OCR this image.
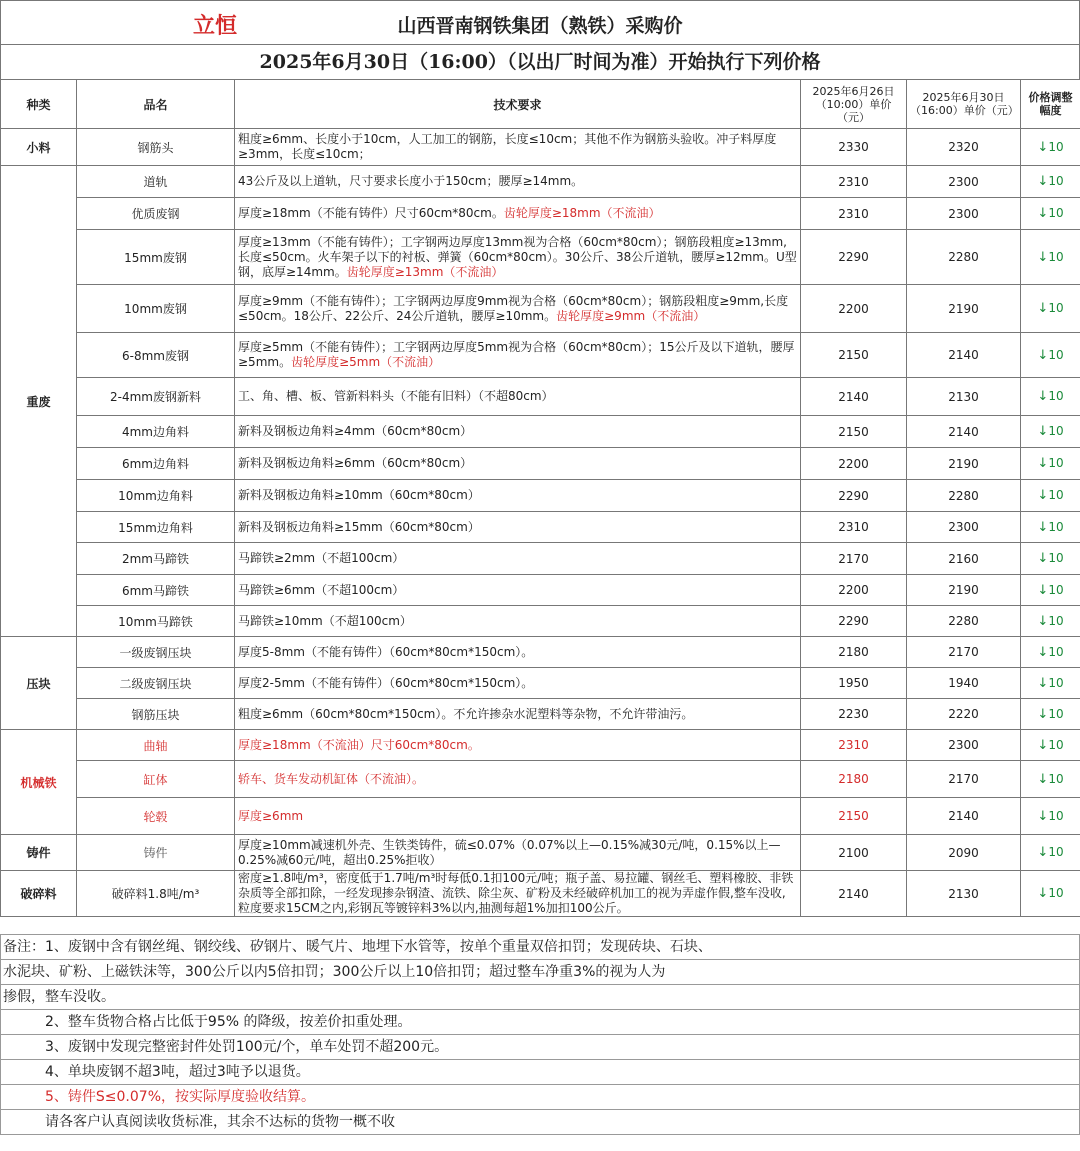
立恒	山西晋南钢铁集团（熟铁）采购价
2025年6月30日（16:00）（以出厂时间为准）开始执行下列价格
种类	品名	技术要求	2025年6月26日（10:00）单价（元）	2025年6月30日（16:00）单价（元）	价格调整幅度
小料	钢筋头	粗度≥6mm、长度小于10cm，人工加工的钢筋，长度≤10cm；其他不作为钢筋头验收。冲子料厚度≥3mm，长度≤10cm；	2330	2320	↓10
重废	道轨	43公斤及以上道轨，尺寸要求长度小于150cm；腰厚≥14mm。	2310	2300	↓10
	优质废钢	厚度≥18mm（不能有铸件）尺寸60cm*80cm。齿轮厚度≥18mm（不流油）	2310	2300	↓10
	15mm废钢	厚度≥13mm（不能有铸件）；工字钢两边厚度13mm视为合格（60cm*80cm）；钢筋段粗度≥13mm,长度≤50cm。火车架子以下的衬板、弹簧（60cm*80cm）。30公斤、38公斤道轨，腰厚≥12mm。U型钢，底厚≥14mm。齿轮厚度≥13mm（不流油）	2290	2280	↓10
	10mm废钢	厚度≥9mm（不能有铸件）；工字钢两边厚度9mm视为合格（60cm*80cm）；钢筋段粗度≥9mm,长度≤50cm。18公斤、22公斤、24公斤道轨，腰厚≥10mm。齿轮厚度≥9mm（不流油）	2200	2190	↓10
	6-8mm废钢	厚度≥5mm（不能有铸件）；工字钢两边厚度5mm视为合格（60cm*80cm）；15公斤及以下道轨，腰厚≥5mm。齿轮厚度≥5mm（不流油）	2150	2140	↓10
	2-4mm废钢新料	工、角、槽、板、管新料料头（不能有旧料）（不超80cm）	2140	2130	↓10
	4mm边角料	新料及钢板边角料≥4mm（60cm*80cm）	2150	2140	↓10
	6mm边角料	新料及钢板边角料≥6mm（60cm*80cm）	2200	2190	↓10
	10mm边角料	新料及钢板边角料≥10mm（60cm*80cm）	2290	2280	↓10
	15mm边角料	新料及钢板边角料≥15mm（60cm*80cm）	2310	2300	↓10
	2mm马蹄铁	马蹄铁≥2mm（不超100cm）	2170	2160	↓10
	6mm马蹄铁	马蹄铁≥6mm（不超100cm）	2200	2190	↓10
	10mm马蹄铁	马蹄铁≥10mm（不超100cm）	2290	2280	↓10
压块	一级废钢压块	厚度5-8mm（不能有铸件）（60cm*80cm*150cm）。	2180	2170	↓10
	二级废钢压块	厚度2-5mm（不能有铸件）（60cm*80cm*150cm）。	1950	1940	↓10
	钢筋压块	粗度≥6mm（60cm*80cm*150cm）。不允许掺杂水泥塑料等杂物，不允许带油污。	2230	2220	↓10
机械铁	曲轴	厚度≥18mm（不流油）尺寸60cm*80cm。	2310	2300	↓10
	缸体	轿车、货车发动机缸体（不流油）。	2180	2170	↓10
	轮毂	厚度≥6mm	2150	2140	↓10
铸件	铸件	厚度≥10mm减速机外壳、生铁类铸件，硫≤0.07%（0.07%以上—0.15%减30元/吨，0.15%以上—0.25%减60元/吨，超出0.25%拒收）	2100	2090	↓10
破碎料	破碎料1.8吨/m³	密度≥1.8吨/m³，密度低于1.7吨/m³时每低0.1扣100元/吨；瓶子盖、易拉罐、钢丝毛、塑料橡胶、非铁杂质等全部扣除，一经发现掺杂钢渣、流铁、除尘灰、矿粉及未经破碎机加工的视为弄虚作假,整车没收,粒度要求15CM之内,彩钢瓦等镀锌料3%以内,抽测每超1%加扣100公斤。	2140	2130	↓10
备注：1、废钢中含有钢丝绳、钢绞线、矽钢片、暖气片、地埋下水管等，按单个重量双倍扣罚；发现砖块、石块、
水泥块、矿粉、上磁铁沫等，300公斤以内5倍扣罚；300公斤以上10倍扣罚；超过整车净重3%的视为人为
掺假，整车没收。
2、整车货物合格占比低于95% 的降级，按差价扣重处理。
3、废钢中发现完整密封件处罚100元/个，单车处罚不超200元。
4、单块废钢不超3吨，超过3吨予以退货。
5、铸件S≤0.07%，按实际厚度验收结算。
请各客户认真阅读收货标准，其余不达标的货物一概不收
